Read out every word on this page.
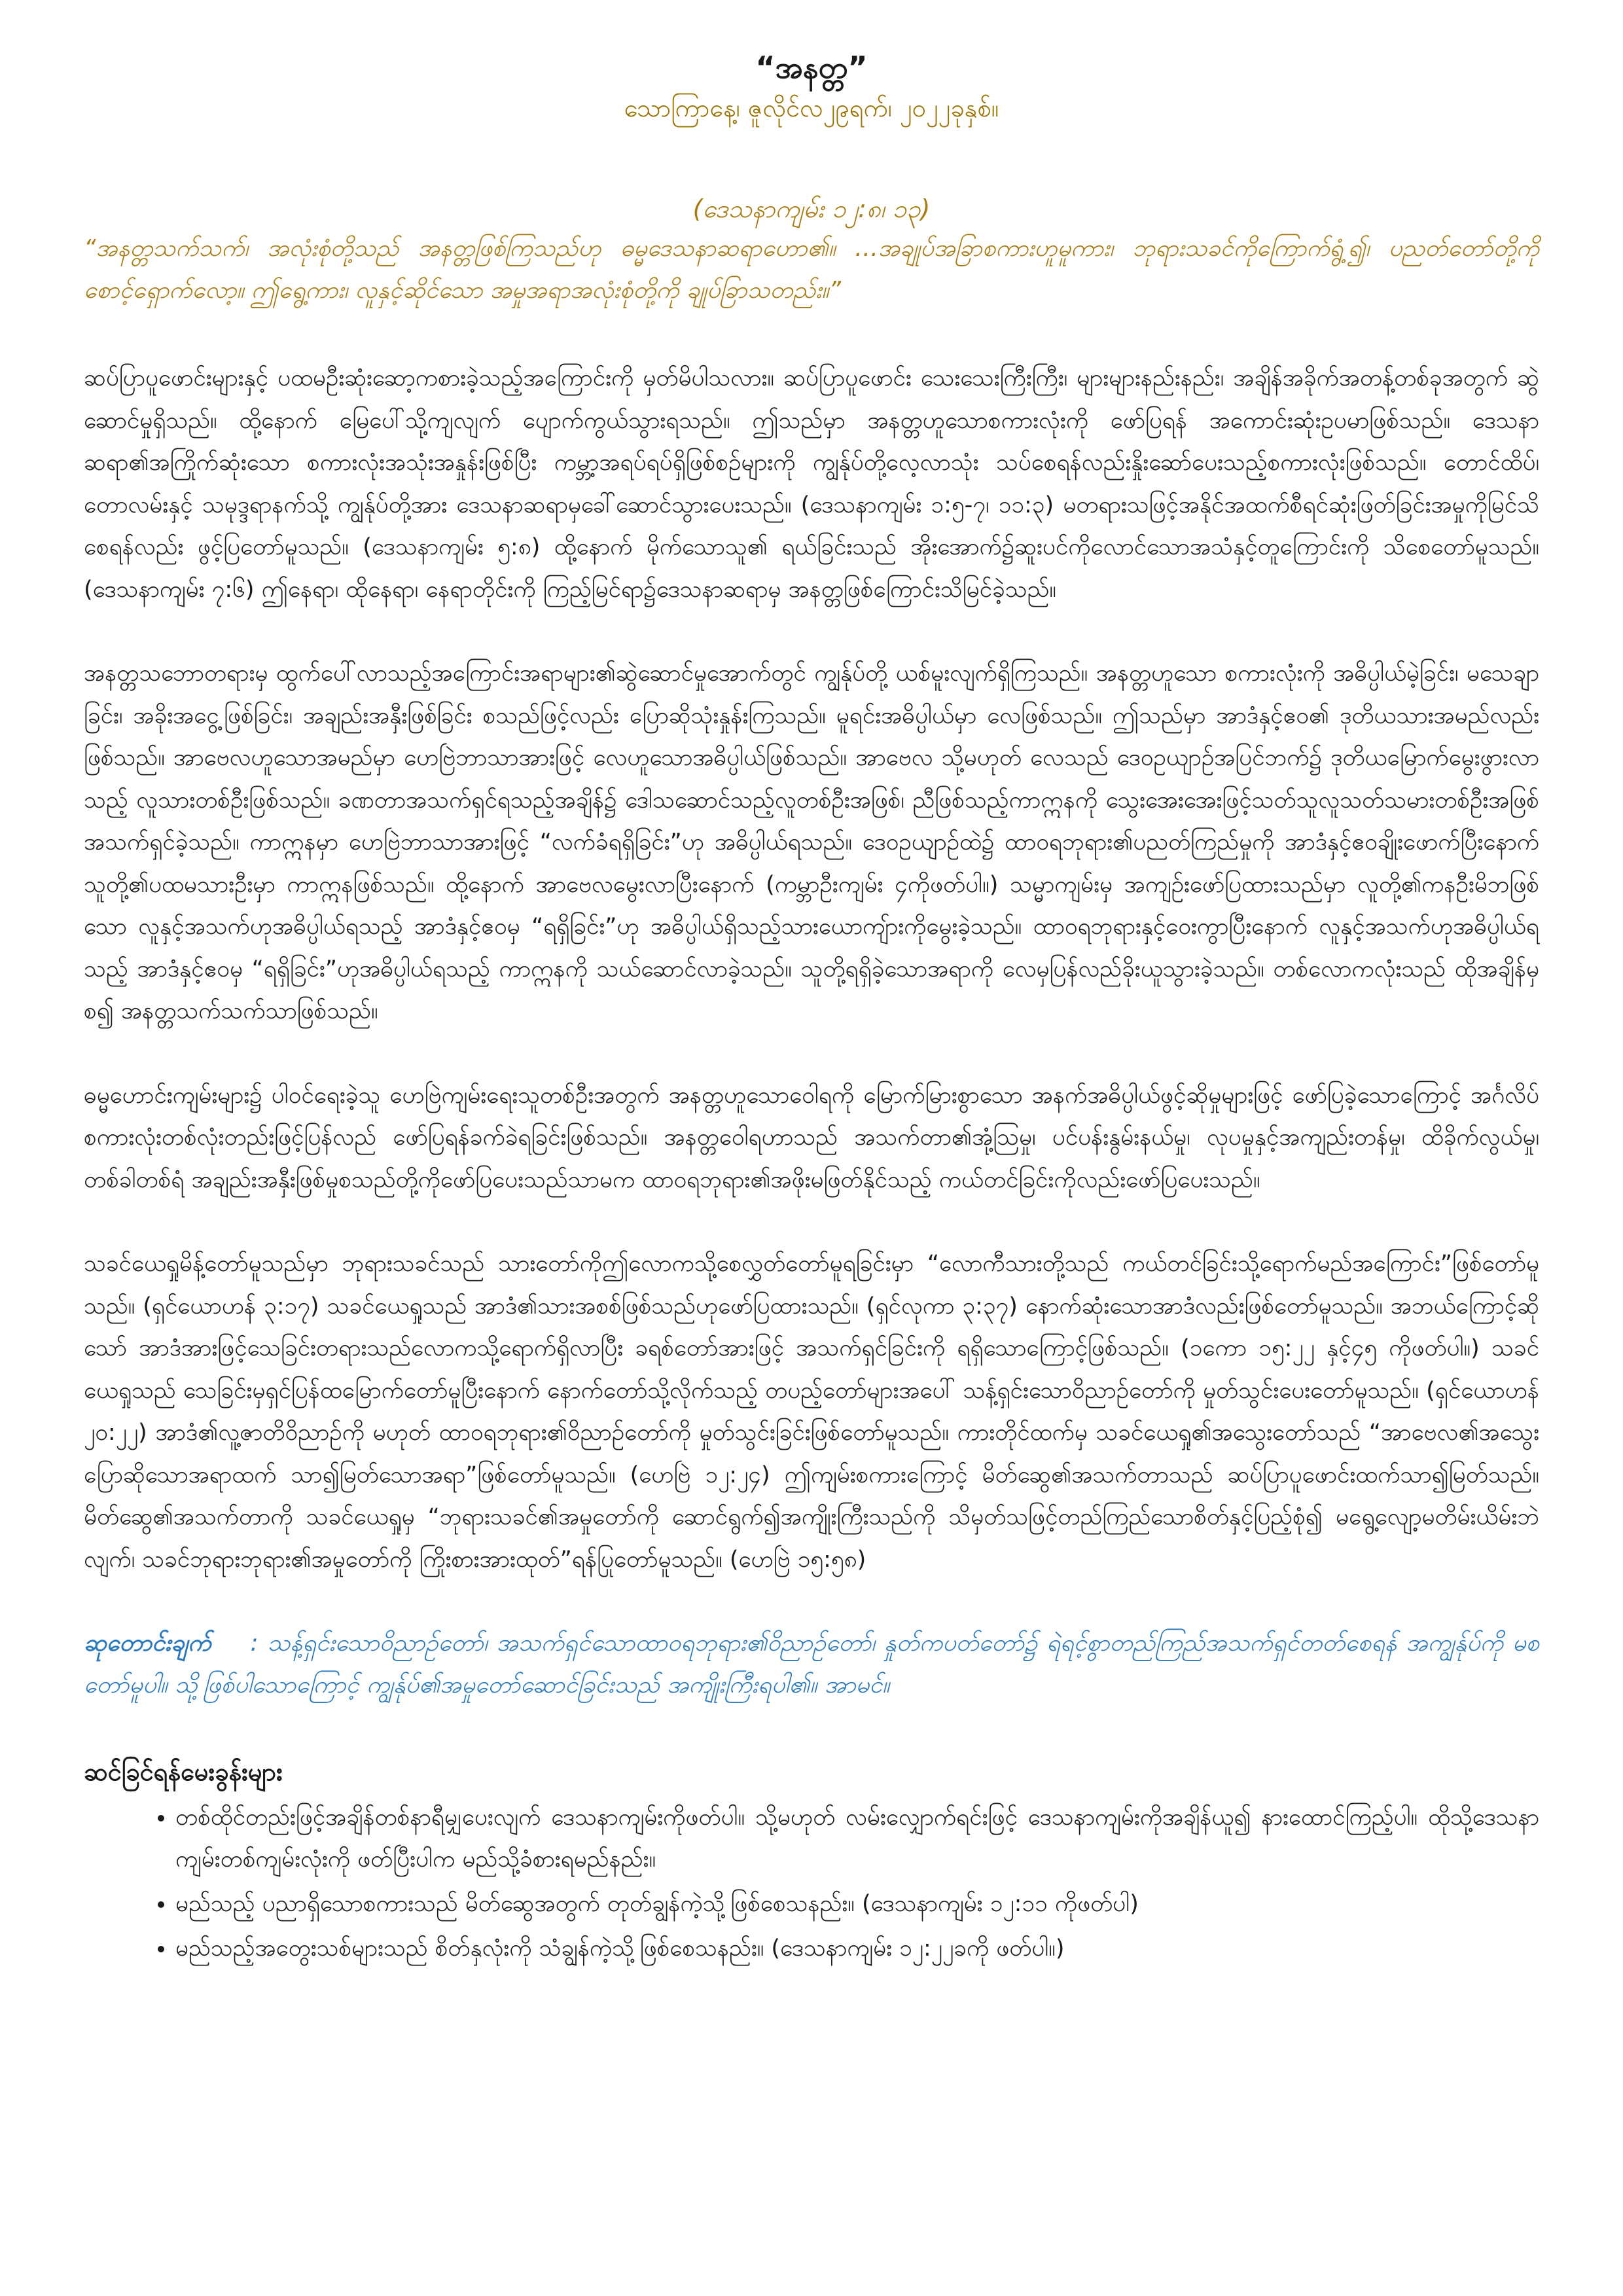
“အနတ္တ”

သောကြာနေ့၊ ဇူလိုင်လ၂၉ရက်၊ ၂၀၂၂ခုနှစ်။

(ဒေသနာကျမ်း ၁၂:၈၊ ၁၃)

“အနတ္တသက်သက်၊ အလုံးစုံတို့သည် အနတ္တဖြစ်ကြသည်ဟု ဓမ္မဒေသနာဆရာဟော၏။ …အချုပ်အခြာစကားဟူမူကား၊ ဘုရားသခင်ကိုကြောက်ရွံ့၍၊ ပညတ်တော်တို့ကိုစောင့်ရှောက်လော့။ ဤရွေ့ကား၊ လူနှင့်ဆိုင်သော အမှုအရာအလုံးစုံတို့ကို ချုပ်ခြာသတည်း။”

ဆပ်ပြာပူဖောင်းများနှင့် ပထမဦးဆုံးဆော့ကစားခဲ့သည့်အကြောင်းကို မှတ်မိပါသလား။ ဆပ်ပြာပူဖောင်း သေးသေးကြီးကြီး၊ များများနည်းနည်း၊ အချိန်အခိုက်အတန့်တစ်ခုအတွက် ဆွဲဆောင်မှုရှိသည်။ ထို့နောက် မြေပေါ်သို့ကျလျက် ပျောက်ကွယ်သွားရသည်။ ဤသည်မှာ အနတ္တဟူသောစကားလုံးကို ဖော်ပြရန် အကောင်းဆုံးဥပမာဖြစ်သည်။ ဒေသနာဆရာ၏အကြိုက်ဆုံးသော စကားလုံးအသုံးအနှုန်းဖြစ်ပြီး ကမ္ဘာ့အရပ်ရပ်ရှိဖြစ်စဉ်များကို ကျွန်ုပ်တို့လေ့လာသုံး သပ်စေရန်လည်းနှိုးဆော်ပေးသည့်စကားလုံးဖြစ်သည်။ တောင်ထိပ်၊ တောလမ်းနှင့် သမုဒ္ဒရာနက်သို့ ကျွန်ုပ်တို့အား ဒေသနာဆရာမှခေါ်ဆောင်သွားပေးသည်။ (ဒေသနာကျမ်း ၁:၅-၇၊ ၁၁:၃) မတရားသဖြင့်အနိုင်အထက်စီရင်ဆုံးဖြတ်ခြင်းအမှုကိုမြင်သိစေရန်လည်း ဖွင့်ပြတော်မူသည်။ (ဒေသနာကျမ်း ၅:၈) ထို့နောက် မိုက်သောသူ၏ ရယ်ခြင်းသည် အိုးအောက်၌ဆူးပင်ကိုလောင်သောအသံနှင့်တူကြောင်းကို သိစေတော်မူသည်။ (ဒေသနာကျမ်း ၇:၆) ဤနေရာ၊ ထိုနေရာ၊ နေရာတိုင်းကို ကြည့်မြင်ရာ၌ဒေသနာဆရာမှ အနတ္တဖြစ်ကြောင်းသိမြင်ခဲ့သည်။

အနတ္တသဘောတရားမှ ထွက်ပေါ်လာသည့်အကြောင်းအရာများ၏ဆွဲဆောင်မှုအောက်တွင် ကျွန်ုပ်တို့ ယစ်မူးလျက်ရှိကြသည်။ အနတ္တဟူသော စကားလုံးကို အဓိပ္ပါယ်မဲ့ခြင်း၊ မသေချာခြင်း၊ အခိုးအငွေ့ဖြစ်ခြင်း၊ အချည်းအနှီးဖြစ်ခြင်း စသည်ဖြင့်လည်း ပြောဆိုသုံးနှုန်းကြသည်။ မူရင်းအဓိပ္ပါယ်မှာ လေဖြစ်သည်။ ဤသည်မှာ အာဒံနှင့်ဧဝ၏ ဒုတိယသားအမည်လည်းဖြစ်သည်။ အာဗေလဟူသောအမည်မှာ ဟေဗြဲဘာသာအားဖြင့် လေဟူသောအဓိပ္ပါယ်ဖြစ်သည်။ အာဗေလ သို့မဟုတ် လေသည် ဒေဝဥယျာဉ်အပြင်ဘက်၌ ဒုတိယမြောက်မွေးဖွားလာသည့် လူသားတစ်ဦးဖြစ်သည်။ ခဏတာအသက်ရှင်ရသည့်အချိန်၌ ဒေါသဆောင်သည့်လူတစ်ဦးအဖြစ်၊ ညီဖြစ်သည့်ကာဣနကို သွေးအေးအေးဖြင့်သတ်သူလူသတ်သမားတစ်ဦးအဖြစ် အသက်ရှင်ခဲ့သည်။ ကာဣနမှာ ဟေဗြဲဘာသာအားဖြင့် “လက်ခံရရှိခြင်း”ဟု အဓိပ္ပါယ်ရသည်။ ဒေဝဥယျာဉ်ထဲ၌ ထာဝရဘုရား၏ပညတ်ကြည်မှုကို အာဒံနှင့်ဧဝချိုးဖောက်ပြီးနောက် သူတို့၏ပထမသားဦးမှာ ကာဣနဖြစ်သည်။ ထို့နောက် အာဗေလမွေးလာပြီးနောက် (ကမ္ဘာဦးကျမ်း ၄ကိုဖတ်ပါ။) သမ္မာကျမ်းမှ အကျဉ်းဖော်ပြထားသည်မှာ လူတို့၏ကနဦးမိဘဖြစ်သော လူနှင့်အသက်ဟုအဓိပ္ပါယ်ရသည့် အာဒံနှင့်ဧဝမှ “ရရှိခြင်း”ဟု အဓိပ္ပါယ်ရှိသည့်သားယောကျ်ားကိုမွေးခဲ့သည်။ ထာဝရဘုရားနှင့်ဝေးကွာပြီးနောက် လူနှင့်အသက်ဟုအဓိပ္ပါယ်ရသည့် အာဒံနှင့်ဧဝမှ “ရရှိခြင်း”ဟုအဓိပ္ပါယ်ရသည့် ကာဣနကို သယ်ဆောင်လာခဲ့သည်။ သူတို့ရရှိခဲ့သောအရာကို လေမှပြန်လည်ခိုးယူသွားခဲ့သည်။ တစ်လောကလုံးသည် ထိုအချိန်မှစ၍ အနတ္တသက်သက်သာဖြစ်သည်။

ဓမ္မဟောင်းကျမ်းများ၌ ပါဝင်ရေးခဲ့သူ ဟေဗြဲကျမ်းရေးသူတစ်ဦးအတွက် အနတ္တဟူသောဝေါရကို မြောက်မြားစွာသော အနက်အဓိပ္ပါယ်ဖွင့်ဆိုမှုများဖြင့် ဖော်ပြခဲ့သောကြောင့် အင်္ဂလိပ်စကားလုံးတစ်လုံးတည်းဖြင့်ပြန်လည် ဖော်ပြရန်ခက်ခဲရခြင်းဖြစ်သည်။ အနတ္တဝေါရဟာသည် အသက်တာ၏အုံ့ဩမှု၊ ပင်ပန်းနွမ်းနယ်မှု၊ လုပမှုနှင့်အကျည်းတန်မှု၊ ထိခိုက်လွယ်မှု၊ တစ်ခါတစ်ရံ အချည်းအနှီးဖြစ်မှုစသည်တို့ကိုဖော်ပြပေးသည်သာမက ထာဝရဘုရား၏အဖိုးမဖြတ်နိုင်သည့် ကယ်တင်ခြင်းကိုလည်းဖော်ပြပေးသည်။

သခင်ယေရှုမိန့်တော်မူသည်မှာ ဘုရားသခင်သည် သားတော်ကိုဤလောကသို့စေလွှတ်တော်မူရခြင်းမှာ “လောကီသားတို့သည် ကယ်တင်ခြင်းသို့ရောက်မည်အကြောင်း”ဖြစ်တော်မူသည်။ (ရှင်ယောဟန် ၃:၁၇) သခင်ယေရှုသည် အာဒံ၏သားအစစ်ဖြစ်သည်ဟုဖော်ပြထားသည်။ (ရှင်လုကာ ၃:၃၇) နောက်ဆုံးသောအာဒံလည်းဖြစ်တော်မူသည်။ အဘယ်ကြောင့်ဆိုသော် အာဒံအားဖြင့်သေခြင်းတရားသည်လောကသို့ရောက်ရှိလာပြီး ခရစ်တော်အားဖြင့် အသက်ရှင်ခြင်းကို ရရှိသောကြောင့်ဖြစ်သည်။ (၁ကော ၁၅:၂၂ နှင့်၄၅ ကိုဖတ်ပါ။) သခင်ယေရှုသည် သေခြင်းမှရှင်ပြန်ထမြောက်တော်မူပြီးနောက် နောက်တော်သို့လိုက်သည့် တပည့်တော်များအပေါ် သန့်ရှင်းသောဝိညာဉ်တော်ကို မှုတ်သွင်းပေးတော်မူသည်။ (ရှင်ယောဟန် ၂၀:၂၂) အာဒံ၏လူ့ဇာတိဝိညာဉ်ကို မဟုတ် ထာဝရဘုရား၏ဝိညာဉ်တော်ကို မှုတ်သွင်းခြင်းဖြစ်တော်မူသည်။ ကားတိုင်ထက်မှ သခင်ယေရှု၏အသွေးတော်သည် “အာဗေလ၏အသွေးပြောဆိုသောအရာထက် သာ၍မြတ်သောအရာ”ဖြစ်တော်မူသည်။ (ဟေဗြဲ ၁၂:၂၄) ဤကျမ်းစကားကြောင့် မိတ်ဆွေ၏အသက်တာသည် ဆပ်ပြာပူဖောင်းထက်သာ၍မြတ်သည်။ မိတ်ဆွေ၏အသက်တာကို သခင်ယေရှုမှ “ဘုရားသခင်၏အမှုတော်ကို ဆောင်ရွက်၍အကျိုးကြီးသည်ကို သိမှတ်သဖြင့်တည်ကြည်သောစိတ်နှင့်ပြည့်စုံ၍ မရွေ့လျော့မတိမ်းယိမ်းဘဲလျက်၊ သခင်ဘုရားဘုရား၏အမှုတော်ကို ကြိုးစားအားထုတ်”ရန်ပြုတော်မူသည်။ (ဟေဗြဲ ၁၅:၅၈)

ဆုတောင်းချက် : သန့်ရှင်းသောဝိညာဉ်တော်၊ အသက်ရှင်သောထာဝရဘုရား၏ဝိညာဉ်တော်၊ နှုတ်ကပတ်တော်၌ ရဲရင့်စွာတည်ကြည်အသက်ရှင်တတ်စေရန် အကျွန်ုပ်ကို မစတော်မူပါ။ သို့ဖြစ်ပါသောကြောင့် ကျွန်ုပ်၏အမှုတော်ဆောင်ခြင်းသည် အကျိုးကြီးရပါ၏။ အာမင်။

ဆင်ခြင်ရန်မေးခွန်းများ
• တစ်ထိုင်တည်းဖြင့်အချိန်တစ်နာရီမျှပေးလျက် ဒေသနာကျမ်းကိုဖတ်ပါ။ သို့မဟုတ် လမ်းလျှောက်ရင်းဖြင့် ဒေသနာကျမ်းကိုအချိန်ယူ၍ နားထောင်ကြည့်ပါ။ ထိုသို့ဒေသနာကျမ်းတစ်ကျမ်းလုံးကို ဖတ်ပြီးပါက မည်သို့ခံစားရမည်နည်း။
• မည်သည့် ပညာရှိသောစကားသည် မိတ်ဆွေအတွက် တုတ်ချွန်ကဲ့သို့ဖြစ်စေသနည်း။ (ဒေသနာကျမ်း ၁၂:၁၁ ကိုဖတ်ပါ)
• မည်သည့်အတွေးသစ်များသည် စိတ်နှလုံးကို သံချွန်ကဲ့သို့ဖြစ်စေသနည်း။ (ဒေသနာကျမ်း ၁၂:၂၂ခကို ဖတ်ပါ။)
